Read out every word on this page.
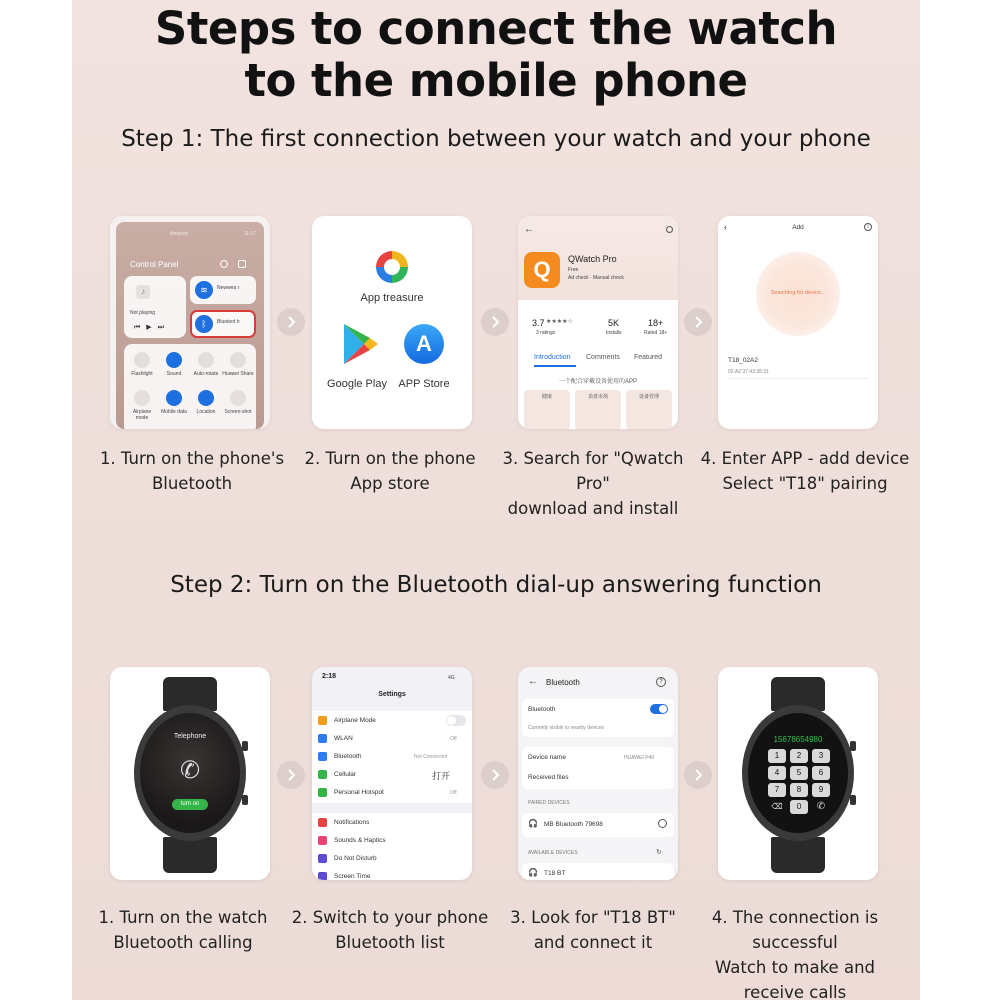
Steps to connect the watch
to the mobile phone
Step 1: The first connection between your watch and your phone
Amazon	11:17
Control Panel
♪
Not playing
⏮▶⏭
≋	Newwea r
ᛒ	Bluetoot h
Flashlight	Sound	Auto-rotate Huawei Share
Airplane mode
Mobile data	Location	Screen-shot
App treasure
A
Google Play	APP Store
←
Q	QWatch Pro
Free
Ad check · Manual check
3.7 ★★★★☆
3 ratings
5K
Installs
18+
Rated 18+
Introduction Comments Featured
一个配合穿戴设备使用的APP
健康	表盘市场	设备管理
‹	Add	i
Searching for device...
T18_02A2
02:A2:37:43:35:31
1. Turn on the phone's
Bluetooth
2. Turn on the phone
App store
3. Search for "Qwatch Pro"
download and install
4. Enter APP - add device
Select "T18" pairing
Step 2: Turn on the Bluetooth dial-up answering function
Telephone
✆
turn on
2:18	4G
Settings
Airplane Mode
WLAN	Off
Bluetooth	Not Connected
Cellular	打开
Personal Hotspot	Off
Notifications
Sounds & Haptics
Do Not Disturb
Screen Time
← Bluetooth	?
Bluetooth
Currently visible to nearby devices
Device name	HUAWEI P40
Received files
PAIRED DEVICES
🎧 MB Bluetooth 79698
AVAILABLE DEVICES	↻
🎧 T18 BT
15678654980
1	2	3
4	5	6
7	8	9
0
⌫	✆
1. Turn on the watch
Bluetooth calling
2. Switch to your phone
Bluetooth list
3. Look for "T18 BT"
and connect it
4. The connection is
successful
Watch to make and
receive calls
